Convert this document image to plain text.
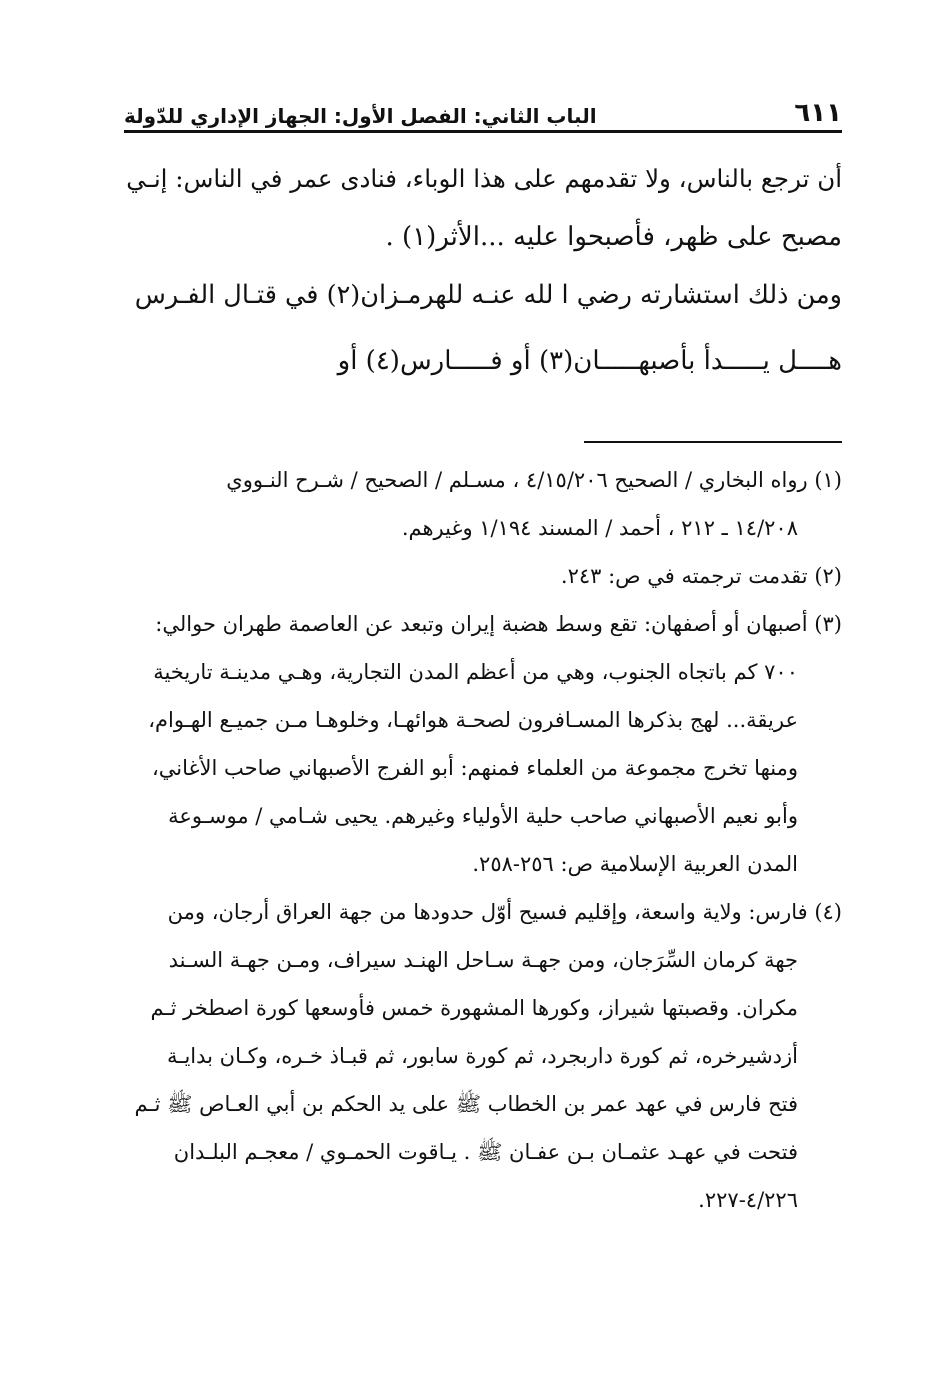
٦١١
الباب الثاني: الفصل الأول: الجهاز الإداري للدّولة
أن ترجع بالناس، ولا تقدمهم على هذا الوباء، فنادى عمر في الناس: إنـي
مصبح على ظهر، فأصبحوا عليه ...الأثر(١) .
ومن ذلك استشارته رضي ا لله عنـه للهرمـزان(٢) في قتـال الفـرس
هــــل يـــــدأ بأصبهـــــان(٣) أو فـــــارس(٤) أو
(١) رواه البخاري / الصحيح ٤/١٥/٢٠٦ ، مسـلم / الصحيح / شـرح النـووي
١٤/٢٠٨ ـ ٢١٢ ، أحمد / المسند ١/١٩٤ وغيرهم.
(٢) تقدمت ترجمته في ص: ٢٤٣.
(٣) أصبهان أو أصفهان: تقع وسط هضبة إيران وتبعد عن العاصمة طهران حوالي:
٧٠٠ كم باتجاه الجنوب، وهي من أعظم المدن التجارية، وهـي مدينـة تاريخية
عريقة... لهج بذكرها المسـافرون لصحـة هوائهـا، وخلوهـا مـن جميـع الهـوام،
ومنها تخرج مجموعة من العلماء فمنهم: أبو الفرج الأصبهاني صاحب الأغاني،
وأبو نعيم الأصبهاني صاحب حلية الأولياء وغيرهم. يحيى شـامي / موسـوعة
المدن العربية الإسلامية ص: ٢٥٦-٢٥٨.
(٤) فارس: ولاية واسعة، وإقليم فسيح أوّل حدودها من جهة العراق أرجان، ومن
جهة كرمان السِّرَجان، ومن جهـة سـاحل الهنـد سيراف، ومـن جهـة السـند
مكران. وقصبتها شيراز، وكورها المشهورة خمس فأوسعها كورة اصطخر ثـم
أزدشيرخره، ثم كورة داربجرد، ثم كورة سابور، ثم قبـاذ خـره، وكـان بدايـة
فتح فارس في عهد عمر بن الخطاب ﷺ على يد الحكم بن أبي العـاص ﷺ ثـم
فتحت في عهـد عثمـان بـن عفـان ﷺ . يـاقوت الحمـوي / معجـم البلـدان
٤/٢٢٦-٢٢٧.
